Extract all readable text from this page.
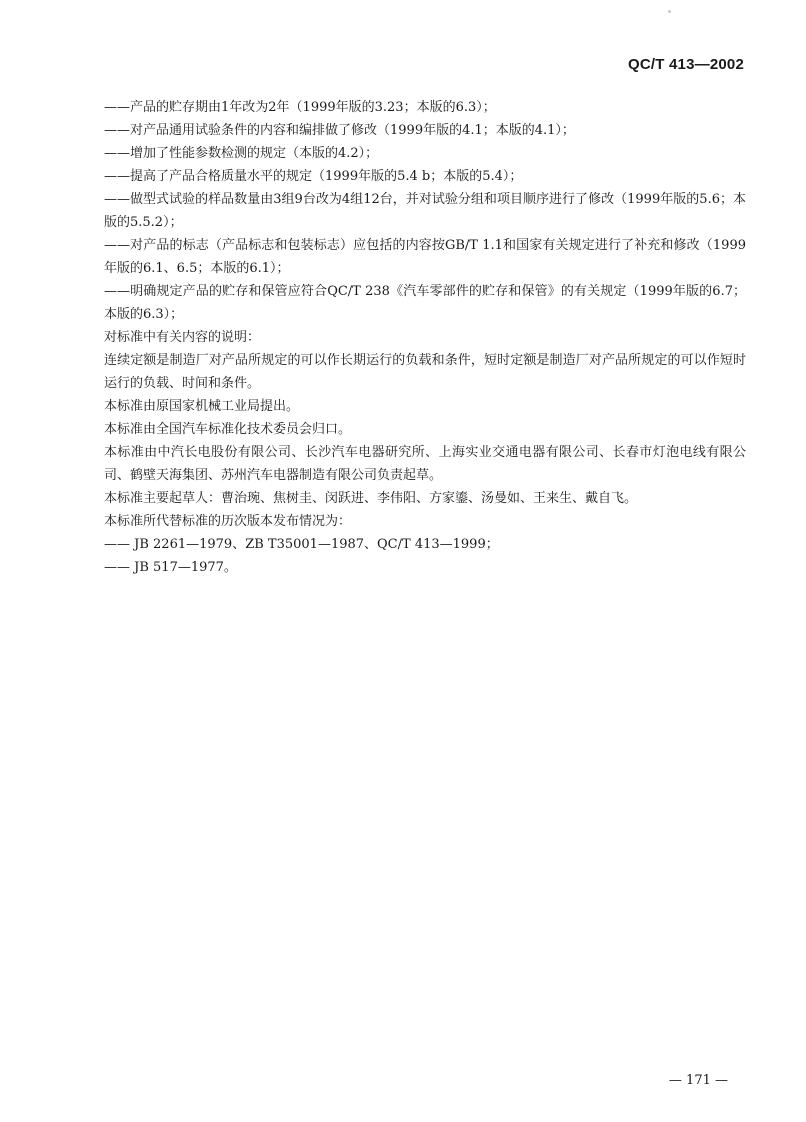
QC/T 413—2002

——产品的贮存期由1年改为2年（1999年版的3.23；本版的6.3）；

——对产品通用试验条件的内容和编排做了修改（1999年版的4.1；本版的4.1）；

——增加了性能参数检测的规定（本版的4.2）；

——提高了产品合格质量水平的规定（1999年版的5.4 b；本版的5.4）；

——做型式试验的样品数量由3组9台改为4组12台，并对试验分组和项目顺序进行了修改（1999年版的5.6；本版的5.5.2）；

——对产品的标志（产品标志和包装标志）应包括的内容按GB/T 1.1和国家有关规定进行了补充和修改（1999年版的6.1、6.5；本版的6.1）；

——明确规定产品的贮存和保管应符合QC/T 238《汽车零部件的贮存和保管》的有关规定（1999年版的6.7；本版的6.3）；

对标准中有关内容的说明：

连续定额是制造厂对产品所规定的可以作长期运行的负载和条件，短时定额是制造厂对产品所规定的可以作短时运行的负载、时间和条件。

本标准由原国家机械工业局提出。

本标准由全国汽车标准化技术委员会归口。

本标准由中汽长电股份有限公司、长沙汽车电器研究所、上海实业交通电器有限公司、长春市灯泡电线有限公司、鹤壁天海集团、苏州汽车电器制造有限公司负责起草。

本标准主要起草人：曹治琬、焦树圭、闵跃进、李伟阳、方家鎏、汤曼如、王来生、戴自飞。

本标准所代替标准的历次版本发布情况为：

—— JB 2261—1979、ZB T35001—1987、QC/T 413—1999；

—— JB 517—1977。

— 171 —
